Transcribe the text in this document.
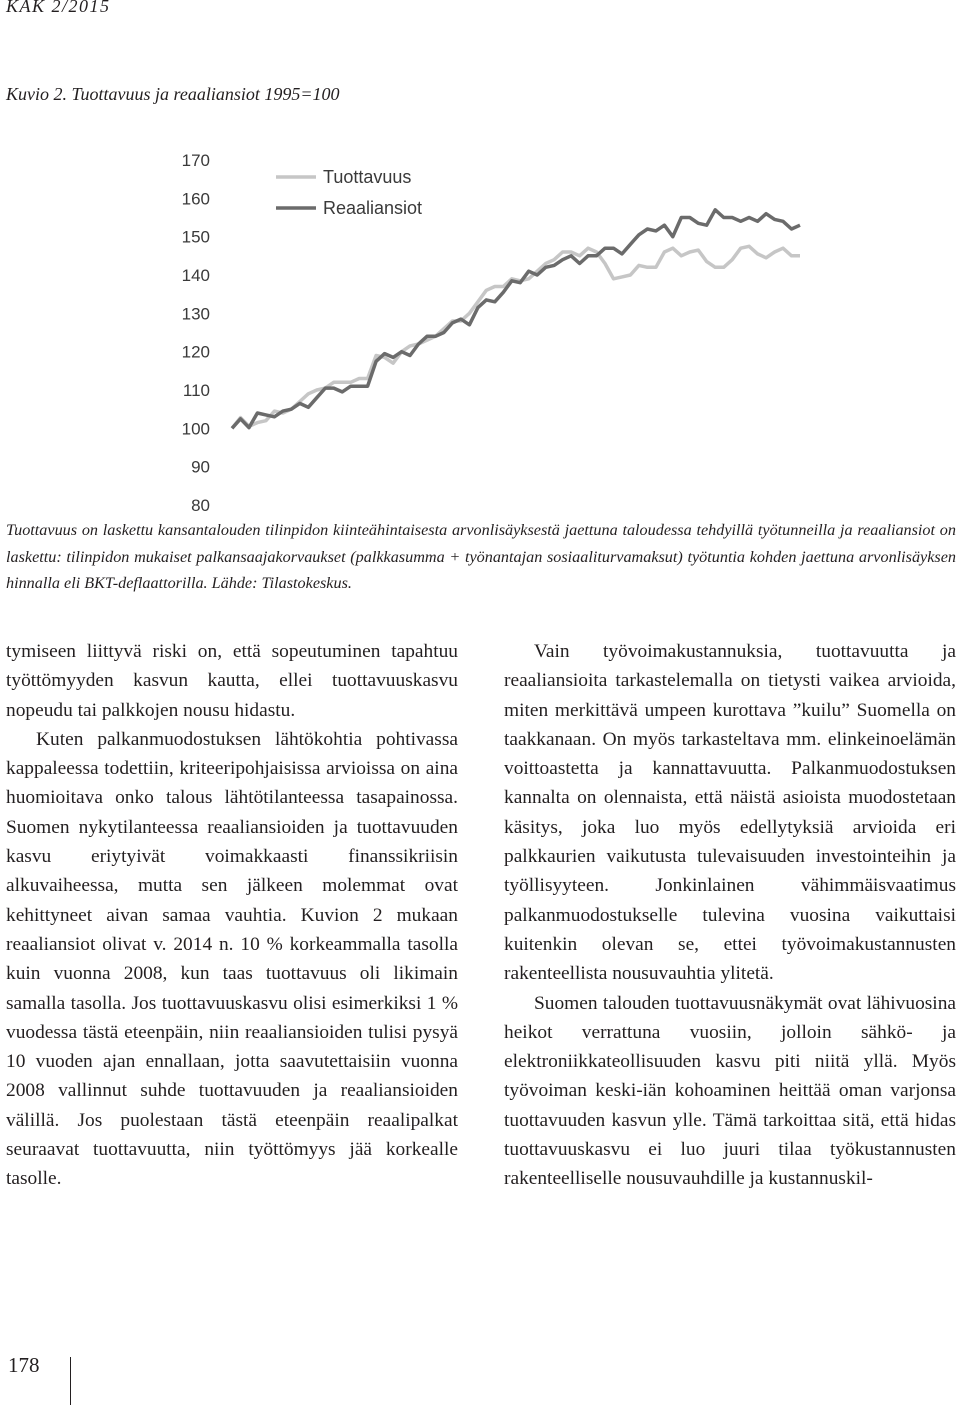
KAK 2/2015
Kuvio 2. Tuottavuus ja reaaliansiot 1995=100
170
160
150
140
130
120
110
100
90
80
Tuottavuus
Reaaliansiot
Tuottavuus on laskettu kansantalouden tilinpidon kiinteähintaisesta arvonlisäyksestä jaettuna taloudessa tehdyillä työtunneilla ja reaaliansiot on laskettu: tilinpidon mukaiset palkansaajakorvaukset (palkkasumma + työnantajan sosiaaliturvamaksut) työtuntia kohden jaettuna arvonlisäyksen hinnalla eli BKT-deflaattorilla. Lähde: Tilastokeskus.

tymiseen liittyvä riski on, että sopeutuminen tapahtuu työttömyyden kasvun kautta, ellei tuottavuuskasvu nopeudu tai palkkojen nousu hidastu.

Kuten palkanmuodostuksen lähtökohtia pohtivassa kappaleessa todettiin, kriteeripohjaisissa arvioissa on aina huomioitava onko talous lähtötilanteessa tasapainossa. Suomen nykytilanteessa reaaliansioiden ja tuottavuuden kasvu eriytyivät voimakkaasti finanssikriisin alkuvaiheessa, mutta sen jälkeen molemmat ovat kehittyneet aivan samaa vauhtia. Kuvion 2 mukaan reaaliansiot olivat v. 2014 n. 10 % korkeammalla tasolla kuin vuonna 2008, kun taas tuottavuus oli likimain samalla tasolla. Jos tuottavuuskasvu olisi esimerkiksi 1 % vuodessa tästä eteenpäin, niin reaaliansioiden tulisi pysyä 10 vuoden ajan ennallaan, jotta saavutettaisiin vuonna 2008 vallinnut suhde tuottavuuden ja reaaliansioiden välillä. Jos puolestaan tästä eteenpäin reaalipalkat seuraavat tuottavuutta, niin työttömyys jää korkealle tasolle.

Vain työvoimakustannuksia, tuottavuutta ja reaaliansioita tarkastelemalla on tietysti vaikea arvioida, miten merkittävä umpeen kurottava ”kuilu” Suomella on taakkanaan. On myös tarkasteltava mm. elinkeinoelämän voittoastetta ja kannattavuutta. Palkanmuodostuksen kannalta on olennaista, että näistä asioista muodostetaan käsitys, joka luo myös edellytyksiä arvioida eri palkkaurien vaikutusta tulevaisuuden investointeihin ja työllisyyteen. Jonkinlainen vähimmäisvaatimus palkanmuodostukselle tulevina vuosina vaikuttaisi kuitenkin olevan se, ettei työvoimakustannusten rakenteellista nousuvauhtia ylitetä.

Suomen talouden tuottavuusnäkymät ovat lähivuosina heikot verrattuna vuosiin, jolloin sähkö- ja elektroniikkateollisuuden kasvu piti niitä yllä. Myös työvoiman keski-iän kohoaminen heittää oman varjonsa tuottavuuden kasvun ylle. Tämä tarkoittaa sitä, että hidas tuottavuuskasvu ei luo juuri tilaa työkustannusten rakenteelliselle nousuvauhdille ja kustannuskil-

178
